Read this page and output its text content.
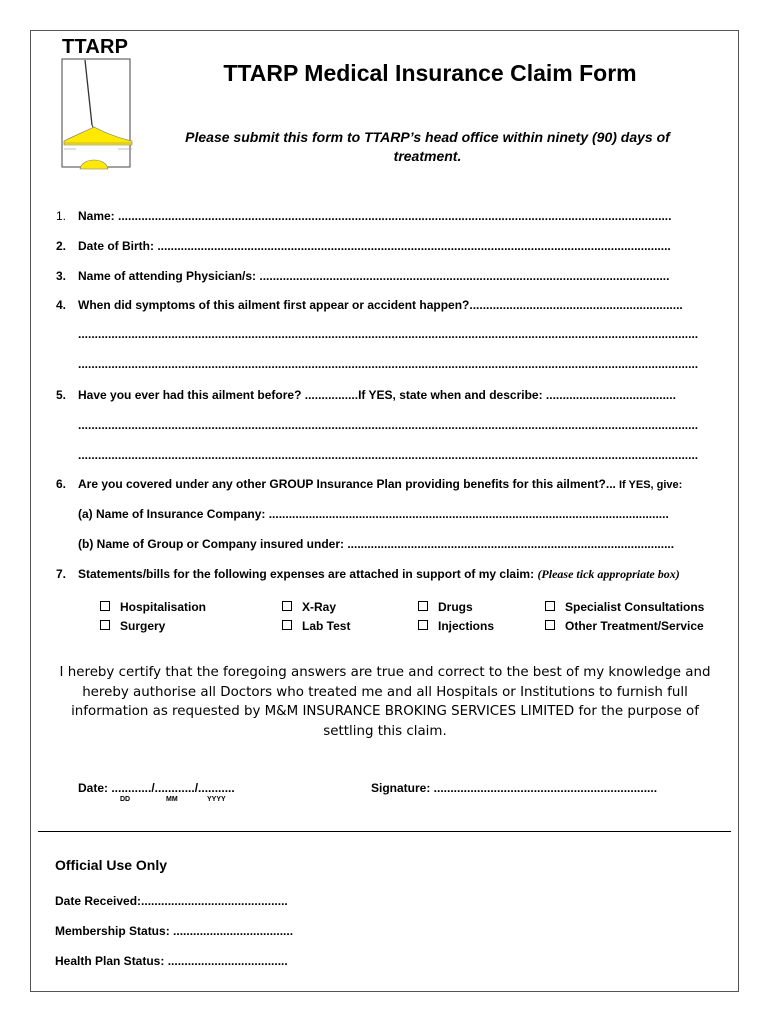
TTARP
TTARP Medical Insurance Claim Form
Please submit this form to TTARP’s head office within ninety (90) days of treatment.
1. Name: ......................................................................................................................................................................
2. Date of Birth: ..........................................................................................................................................................
3. Name of attending Physician/s: ...........................................................................................................................
4. When did symptoms of this ailment first appear or accident happen?................................................................
..........................................................................................................................................................................................
..........................................................................................................................................................................................
5. Have you ever had this ailment before? ................If YES, state when and describe: .......................................
..........................................................................................................................................................................................
..........................................................................................................................................................................................
6. Are you covered under any other GROUP Insurance Plan providing benefits for this ailment?... If YES, give:
(a) Name of Insurance Company: ........................................................................................................................
(b) Name of Group or Company insured under: ..................................................................................................
7. Statements/bills for the following expenses are attached in support of my claim: (Please tick appropriate box)
Hospitalisation	X-Ray	Drugs	Specialist Consultations
Surgery	Lab Test	Injections	Other Treatment/Service
I hereby certify that the foregoing answers are true and correct to the best of my knowledge and hereby authorise all Doctors who treated me and all Hospitals or Institutions to furnish full information as requested by M&M INSURANCE BROKING SERVICES LIMITED for the purpose of settling this claim.
Date: ............/............/...........
DD	MM	YYYY
Signature: ...................................................................
Official Use Only
Date Received:............................................
Membership Status: ....................................
Health Plan Status: ....................................
